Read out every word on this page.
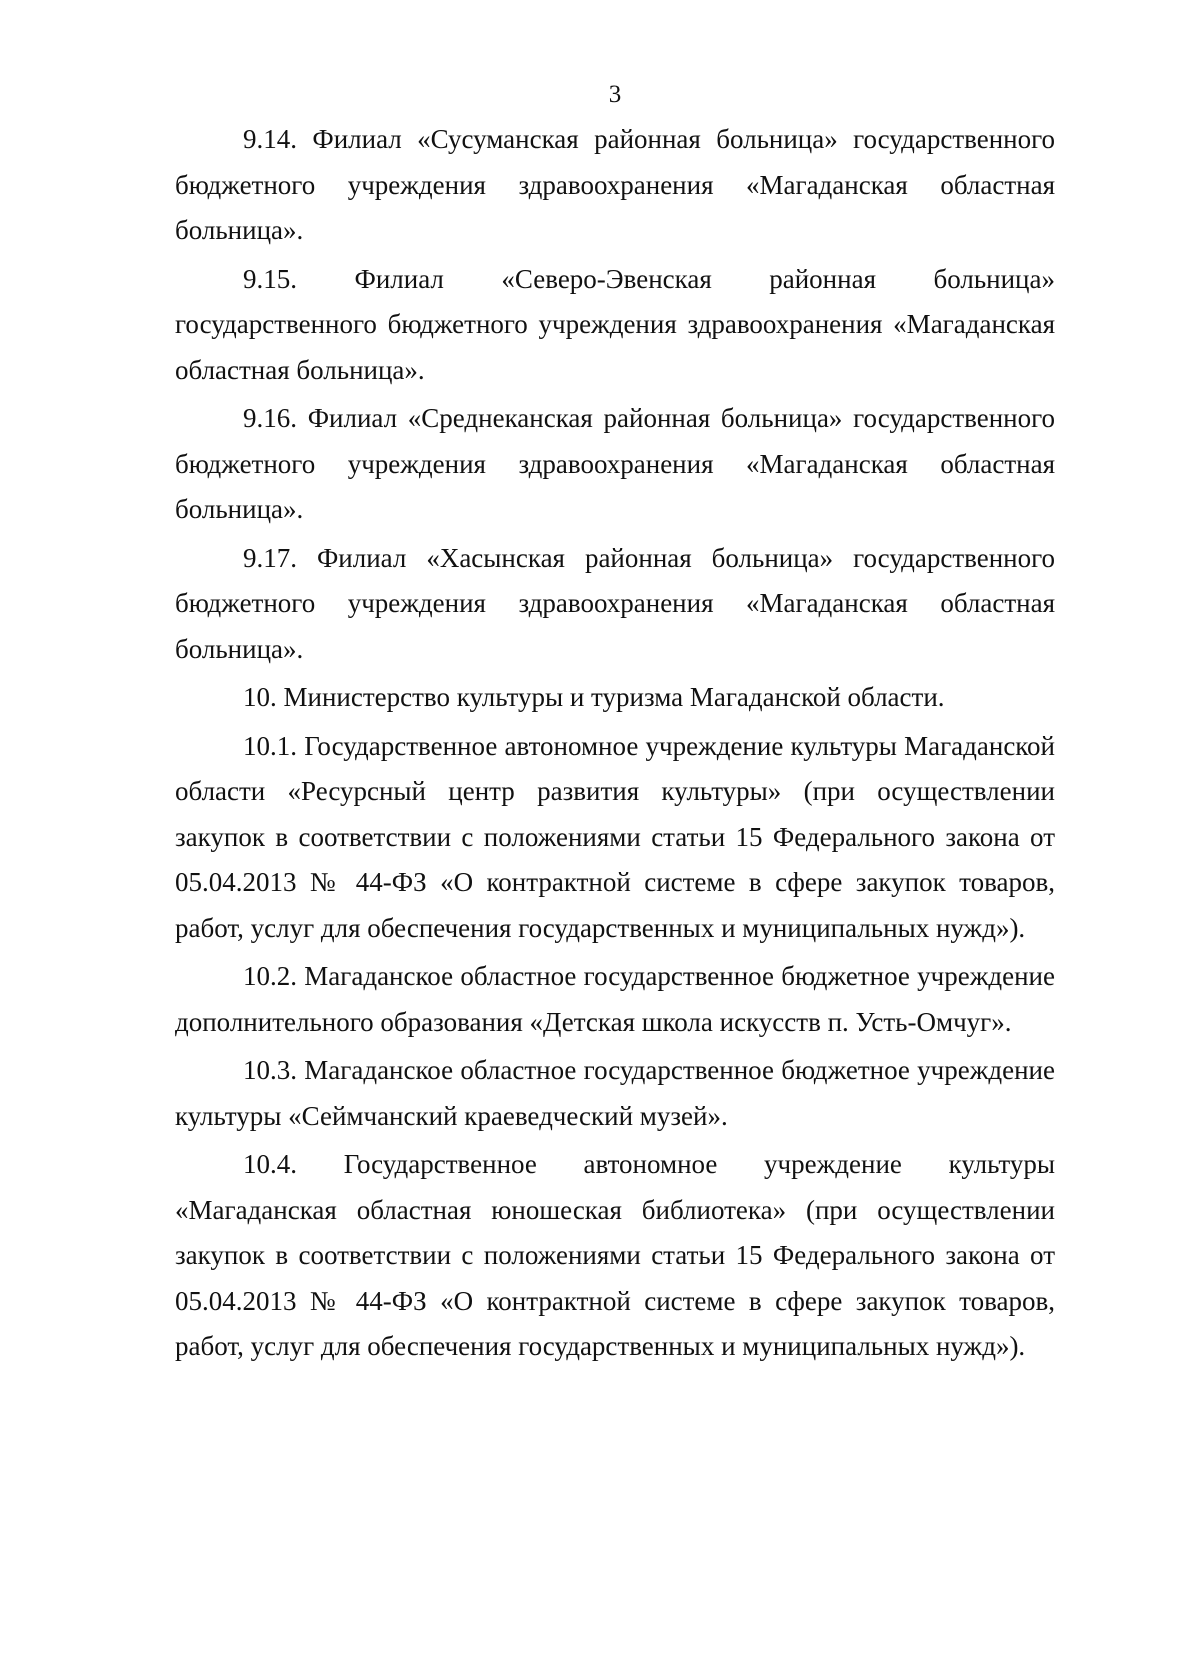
3

9.14. Филиал «Сусуманская районная больница» государственного бюджетного учреждения здравоохранения «Магаданская областная больница».

9.15. Филиал «Северо-Эвенская районная больница» государственного бюджетного учреждения здравоохранения «Магаданская областная больница».

9.16. Филиал «Среднеканская районная больница» государственного бюджетного учреждения здравоохранения «Магаданская областная больница».

9.17. Филиал «Хасынская районная больница» государственного бюджетного учреждения здравоохранения «Магаданская областная больница».

10. Министерство культуры и туризма Магаданской области.

10.1. Государственное автономное учреждение культуры Магаданской области «Ресурсный центр развития культуры» (при осуществлении закупок в соответствии с положениями статьи 15 Федерального закона от 05.04.2013 № 44-ФЗ «О контрактной системе в сфере закупок товаров, работ, услуг для обеспечения государственных и муниципальных нужд»).

10.2. Магаданское областное государственное бюджетное учреждение дополнительного образования «Детская школа искусств п. Усть-Омчуг».

10.3. Магаданское областное государственное бюджетное учреждение культуры «Сеймчанский краеведческий музей».

10.4. Государственное автономное учреждение культуры «Магаданская областная юношеская библиотека» (при осуществлении закупок в соответствии с положениями статьи 15 Федерального закона от 05.04.2013 № 44-ФЗ «О контрактной системе в сфере закупок товаров, работ, услуг для обеспечения государственных и муниципальных нужд»).
